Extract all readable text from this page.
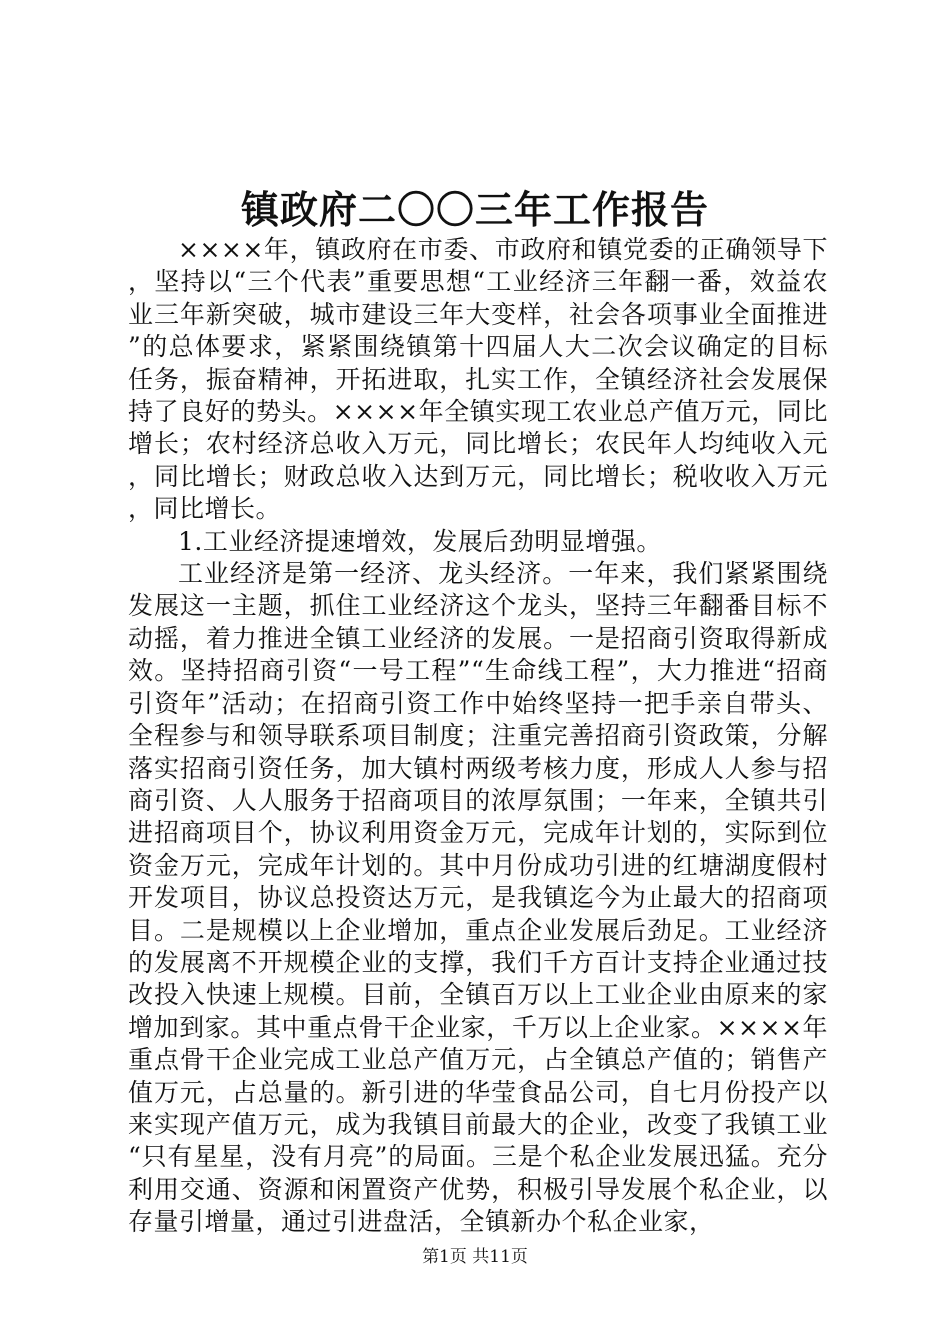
镇政府二〇〇三年工作报告

××××年，镇政府在市委、市政府和镇党委的正确领导下，坚持以“三个代表”重要思想“工业经济三年翻一番，效益农业三年新突破，城市建设三年大变样，社会各项事业全面推进”的总体要求，紧紧围绕镇第十四届人大二次会议确定的目标任务，振奋精神，开拓进取，扎实工作，全镇经济社会发展保持了良好的势头。××××年全镇实现工农业总产值万元，同比增长；农村经济总收入万元，同比增长；农民年人均纯收入元，同比增长；财政总收入达到万元，同比增长；税收收入万元，同比增长。

1.工业经济提速增效，发展后劲明显增强。

工业经济是第一经济、龙头经济。一年来，我们紧紧围绕发展这一主题，抓住工业经济这个龙头，坚持三年翻番目标不动摇，着力推进全镇工业经济的发展。一是招商引资取得新成效。坚持招商引资“一号工程”“生命线工程”，大力推进“招商引资年”活动；在招商引资工作中始终坚持一把手亲自带头、全程参与和领导联系项目制度；注重完善招商引资政策，分解落实招商引资任务，加大镇村两级考核力度，形成人人参与招商引资、人人服务于招商项目的浓厚氛围；一年来，全镇共引进招商项目个，协议利用资金万元，完成年计划的，实际到位资金万元，完成年计划的。其中月份成功引进的红塘湖度假村开发项目，协议总投资达万元，是我镇迄今为止最大的招商项目。二是规模以上企业增加，重点企业发展后劲足。工业经济的发展离不开规模企业的支撑，我们千方百计支持企业通过技改投入快速上规模。目前，全镇百万以上工业企业由原来的家增加到家。其中重点骨干企业家，千万以上企业家。××××年重点骨干企业完成工业总产值万元，占全镇总产值的；销售产值万元，占总量的。新引进的华莹食品公司，自七月份投产以来实现产值万元，成为我镇目前最大的企业，改变了我镇工业“只有星星，没有月亮”的局面。三是个私企业发展迅猛。充分利用交通、资源和闲置资产优势，积极引导发展个私企业，以存量引增量，通过引进盘活，全镇新办个私企业家，

第1页 共11页
